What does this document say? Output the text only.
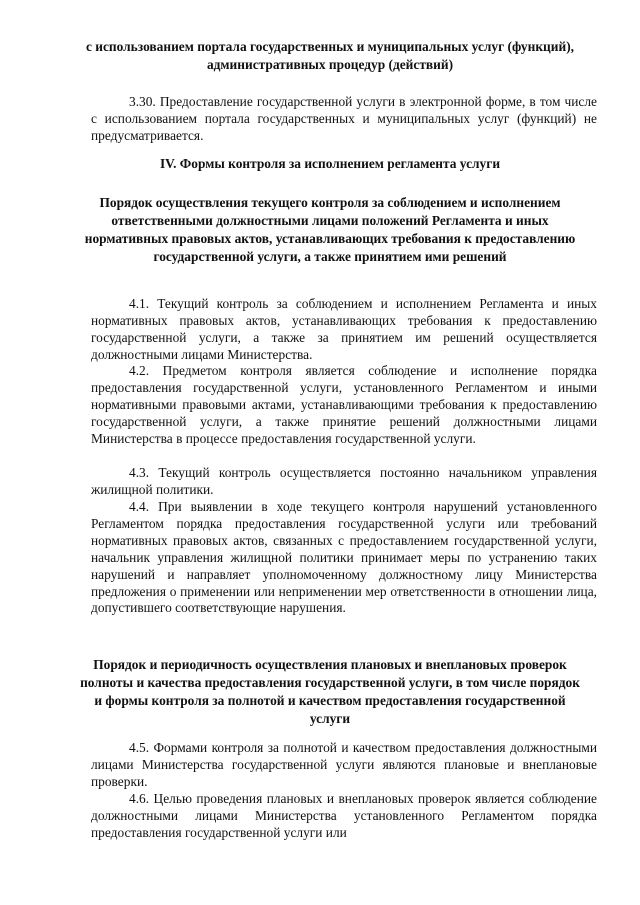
с использованием портала государственных и муниципальных услуг (функций), административных процедур (действий)

3.30. Предоставление государственной услуги в электронной форме, в том числе с использованием портала государственных и муниципальных услуг (функций) не предусматривается.

IV. Формы контроля за исполнением регламента услуги

Порядок осуществления текущего контроля за соблюдением и исполнением ответственными должностными лицами положений Регламента и иных нормативных правовых актов, устанавливающих требования к предоставлению государственной услуги, а также принятием ими решений

4.1. Текущий контроль за соблюдением и исполнением Регламента и иных нормативных правовых актов, устанавливающих требования к предоставлению государственной услуги, а также за принятием им решений осуществляется должностными лицами Министерства.

4.2. Предметом контроля является соблюдение и исполнение порядка предоставления государственной услуги, установленного Регламентом и иными нормативными правовыми актами, устанавливающими требования к предоставлению государственной услуги, а также принятие решений должностными лицами Министерства в процессе предоставления государственной услуги.

4.3. Текущий контроль осуществляется постоянно начальником управления жилищной политики.

4.4. При выявлении в ходе текущего контроля нарушений установленного Регламентом порядка предоставления государственной услуги или требований нормативных правовых актов, связанных с предоставлением государственной услуги, начальник управления жилищной политики принимает меры по устранению таких нарушений и направляет уполномоченному должностному лицу Министерства предложения о применении или неприменении мер ответственности в отношении лица, допустившего соответствующие нарушения.

Порядок и периодичность осуществления плановых и внеплановых проверок полноты и качества предоставления государственной услуги, в том числе порядок и формы контроля за полнотой и качеством предоставления государственной услуги

4.5. Формами контроля за полнотой и качеством предоставления должностными лицами Министерства государственной услуги являются плановые и внеплановые проверки.

4.6. Целью проведения плановых и внеплановых проверок является соблюдение должностными лицами Министерства установленного Регламентом порядка предоставления государственной услуги или
